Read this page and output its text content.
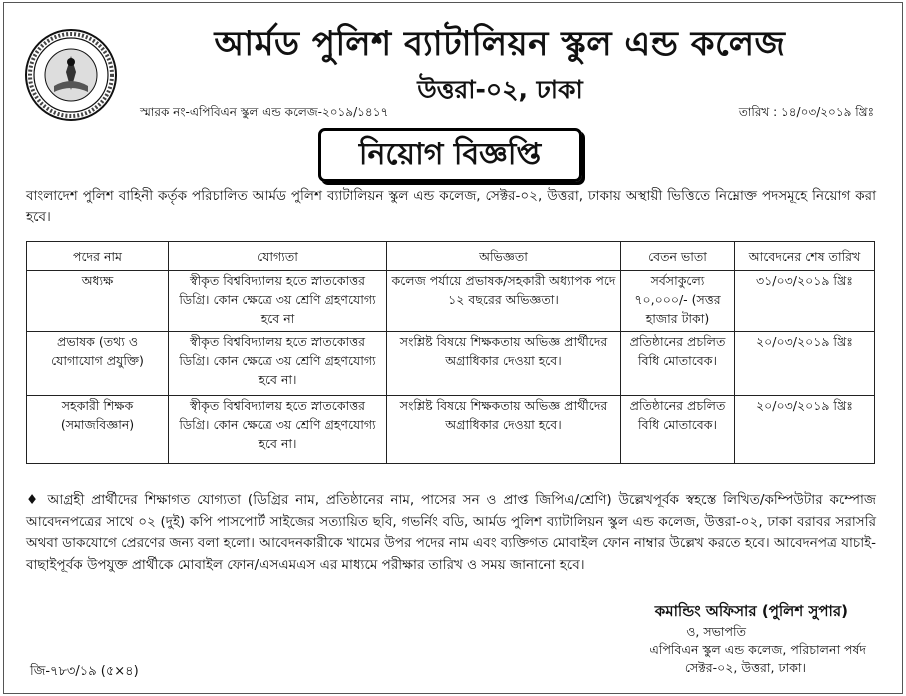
আর্মড পুলিশ ব্যাটালিয়ন স্কুল এন্ড কলেজ
উত্তরা-০২, ঢাকা
স্মারক নং-এপিবিএন স্কুল এন্ড কলেজ-২০১৯/১৪১৭	তারিখ : ১৪/০৩/২০১৯ খ্রিঃ
নিয়োগ বিজ্ঞপ্তি
বাংলাদেশ পুলিশ বাহিনী কর্তৃক পরিচালিত আর্মড পুলিশ ব্যাটালিয়ন স্কুল এন্ড কলেজ, সেক্টর-০২, উত্তরা, ঢাকায় অস্থায়ী ভিত্তিতে নিম্নোক্ত পদসমূহে নিয়োগ করা হবে।
পদের নাম	যোগ্যতা	অভিজ্ঞতা	বেতন ভাতা	আবেদনের শেষ তারিখ
অধ্যক্ষ	স্বীকৃত বিশ্ববিদ্যালয় হতে স্নাতকোত্তর ডিগ্রি। কোন ক্ষেত্রে ৩য় শ্রেণি গ্রহণযোগ্য হবে না	কলেজ পর্যায়ে প্রভাষক/সহকারী অধ্যাপক পদে ১২ বছরের অভিজ্ঞতা।	সর্বসাকুল্যে ৭০,০০০/- (সত্তর হাজার টাকা)	৩১/০৩/২০১৯ খ্রিঃ
প্রভাষক (তথ্য ও যোগাযোগ প্রযুক্তি)	স্বীকৃত বিশ্ববিদ্যালয় হতে স্নাতকোত্তর ডিগ্রি। কোন ক্ষেত্রে ৩য় শ্রেণি গ্রহণযোগ্য হবে না।	সংশ্লিষ্ট বিষয়ে শিক্ষকতায় অভিজ্ঞ প্রার্থীদের অগ্রাধিকার দেওয়া হবে।	প্রতিষ্ঠানের প্রচলিত বিধি মোতাবেক।	২০/০৩/২০১৯ খ্রিঃ
সহকারী শিক্ষক (সমাজবিজ্ঞান)	স্বীকৃত বিশ্ববিদ্যালয় হতে স্নাতকোত্তর ডিগ্রি। কোন ক্ষেত্রে ৩য় শ্রেণি গ্রহণযোগ্য হবে না।	সংশ্লিষ্ট বিষয়ে শিক্ষকতায় অভিজ্ঞ প্রার্থীদের অগ্রাধিকার দেওয়া হবে।	প্রতিষ্ঠানের প্রচলিত বিধি মোতাবেক।	২০/০৩/২০১৯ খ্রিঃ
♦ আগ্রহী প্রার্থীদের শিক্ষাগত যোগ্যতা (ডিগ্রির নাম, প্রতিষ্ঠানের নাম, পাসের সন ও প্রাপ্ত জিপিএ/শ্রেণি) উল্লেখপূর্বক স্বহস্তে লিখিত/কম্পিউটার কম্পোজ আবেদনপত্রের সাথে ০২ (দুই) কপি পাসপোর্ট সাইজের সত্যায়িত ছবি, গভর্নিং বডি, আর্মড পুলিশ ব্যাটালিয়ন স্কুল এন্ড কলেজ, উত্তরা-০২, ঢাকা বরাবর সরাসরি অথবা ডাকযোগে প্রেরণের জন্য বলা হলো। আবেদনকারীকে খামের উপর পদের নাম এবং ব্যক্তিগত মোবাইল ফোন নাম্বার উল্লেখ করতে হবে। আবেদনপত্র যাচাই-বাছাইপূর্বক উপযুক্ত প্রার্থীকে মোবাইল ফোন/এসএমএস এর মাধ্যমে পরীক্ষার তারিখ ও সময় জানানো হবে।
কমান্ডিং অফিসার (পুলিশ সুপার)
ও, সভাপতি
এপিবিএন স্কুল এন্ড কলেজ, পরিচালনা পর্ষদ
সেক্টর-০২, উত্তরা, ঢাকা।
জি-৭৮৩/১৯ (৫×৪)
